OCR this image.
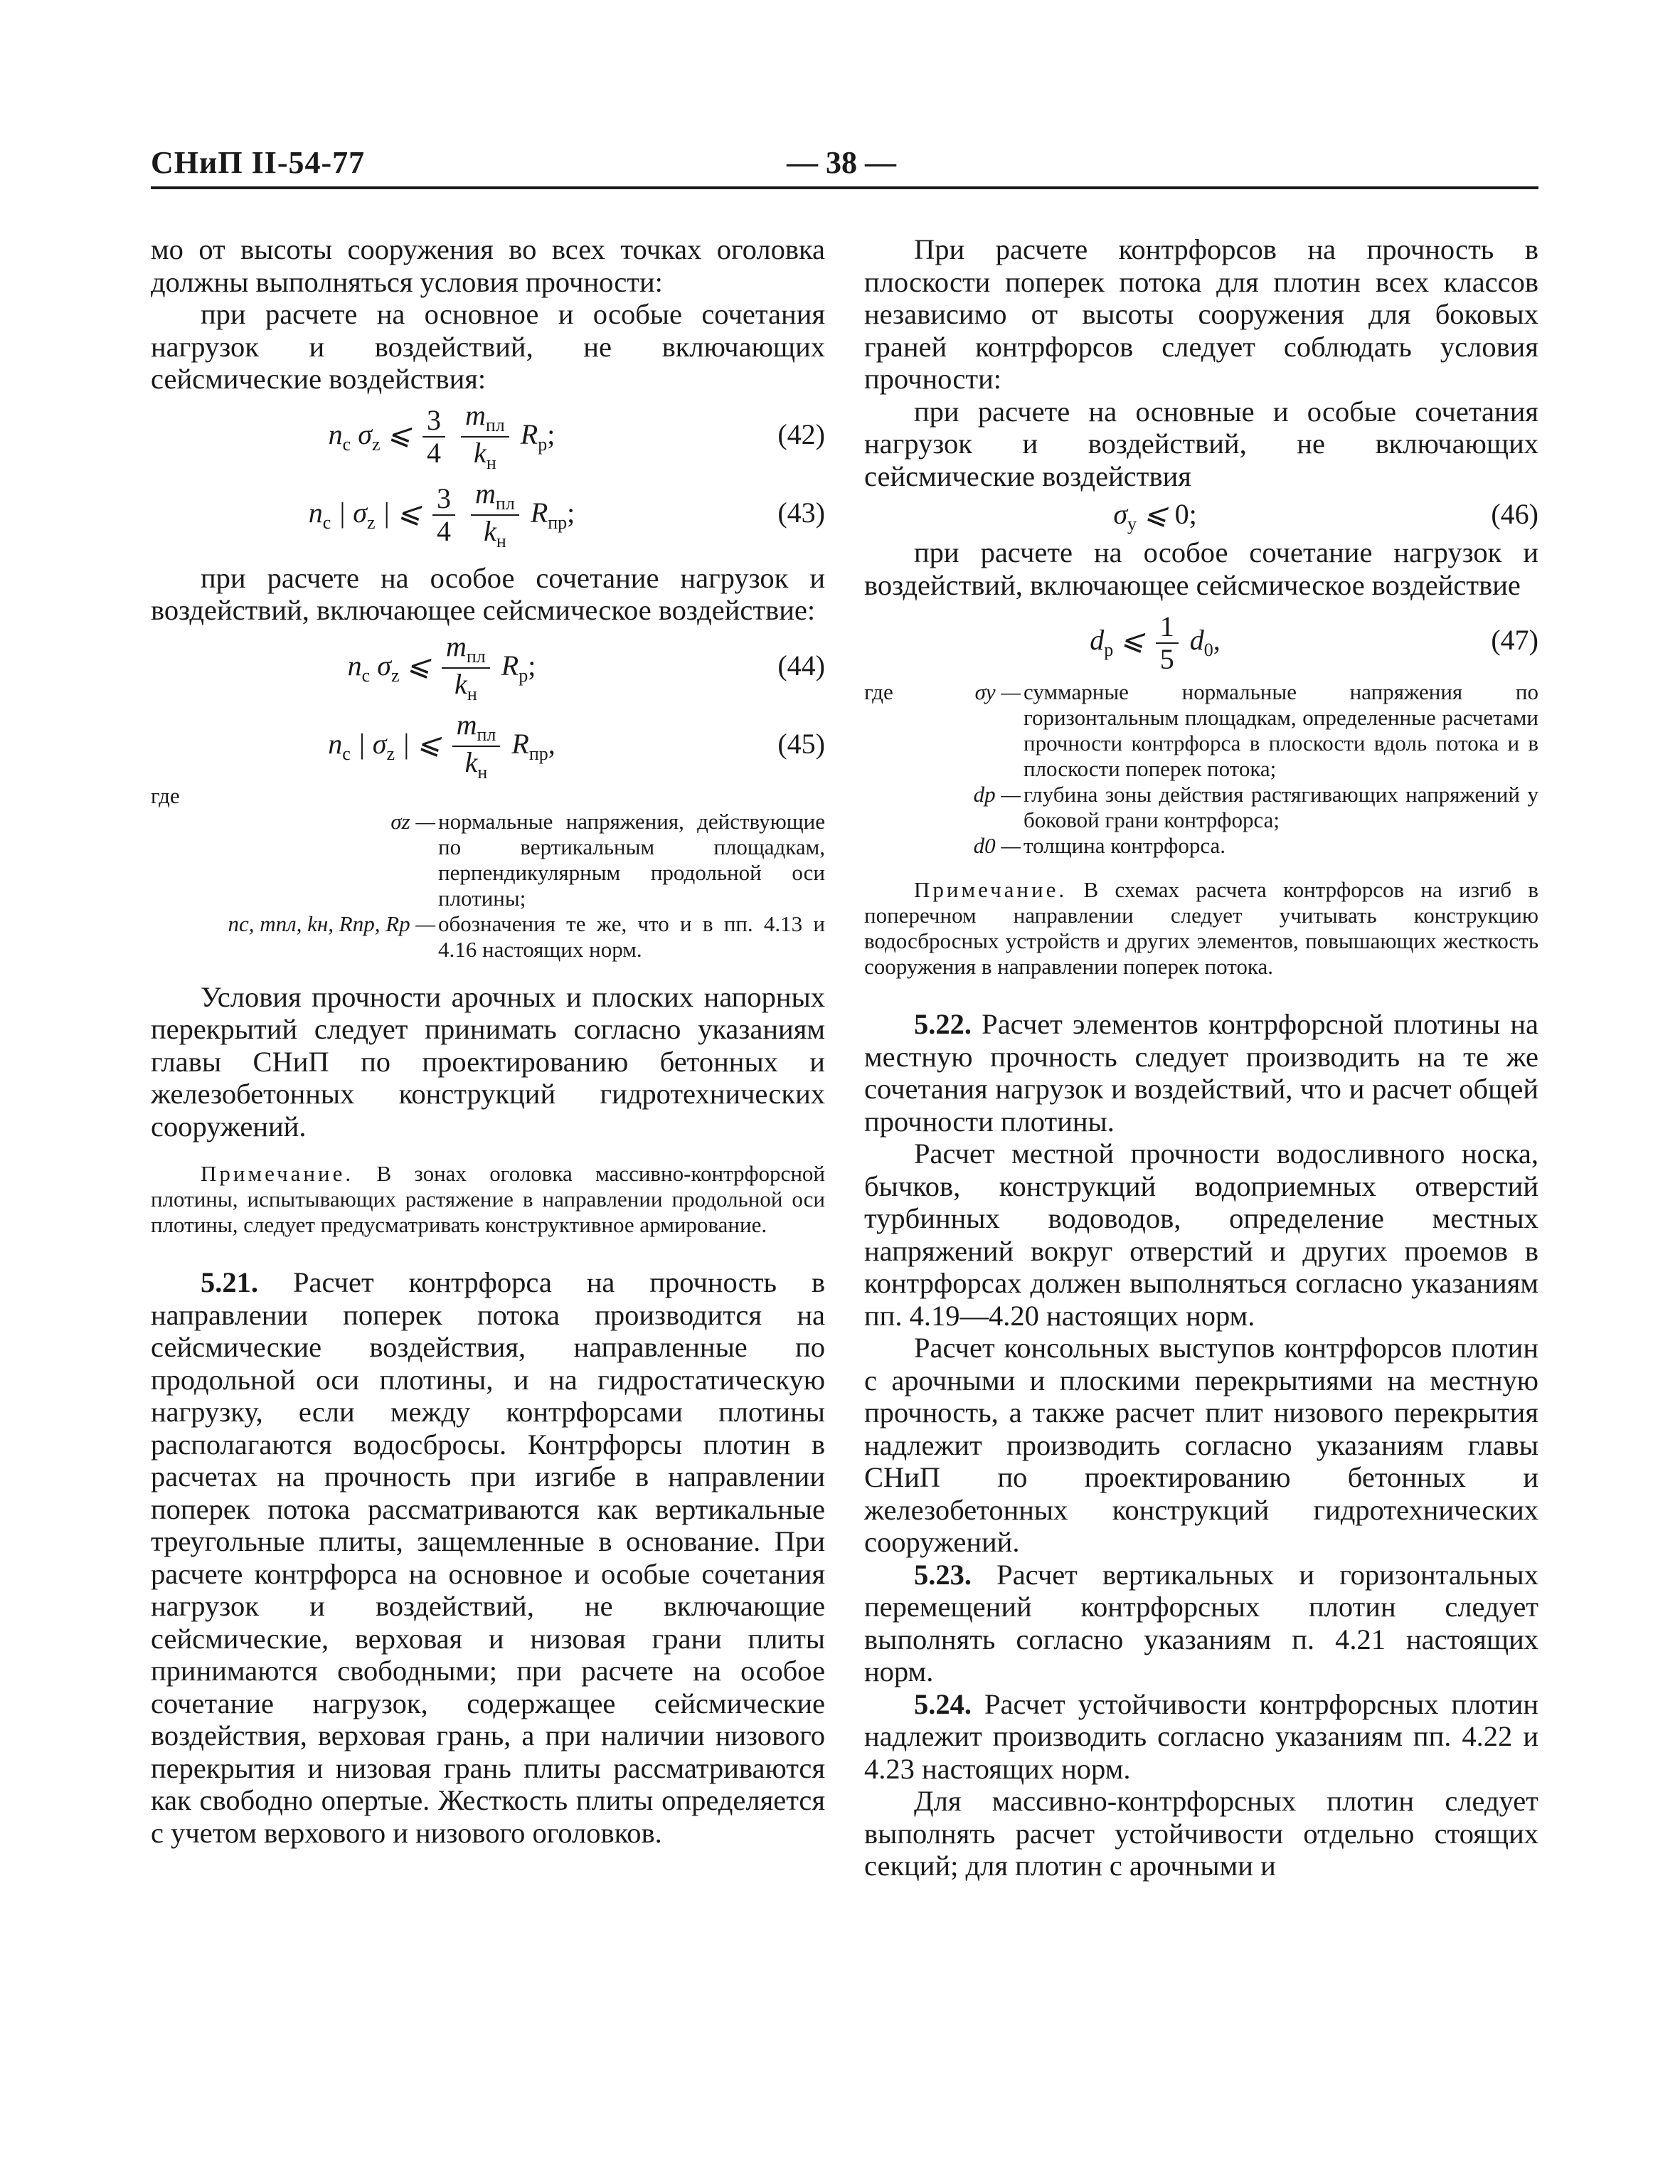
СНиП II-54-77	— 38 —

мо от высоты сооружения во всех точках оголовка должны выполняться условия прочности:

при расчете на основное и особые сочетания нагрузок и воздействий, не включающих сейсмические воздействия:

$n_с$ $\sigma_z$ ⩽ $\frac{3}{4}$
$\frac{m_{пл}}{k_н} R_р$;	(42)
$n_с$ | $\sigma_z$ | ⩽ $\frac{3}{4}$
$\frac{m_{пл}}{k_н} R_{пр}$;	(43)

при расчете на особое сочетание нагрузок и воздействий, включающее сейсмическое воздействие:

$n_с$ $\sigma_z$ ⩽ $\frac{m_{пл}}{k_н} R_р$;	(44)
$n_с$ | $\sigma_z$ | ⩽ $\frac{m_{пл}}{k_н} R_{пр}$,	(45)
где
σz — нормальные напряжения, действующие по вертикальным площадкам, перпендикулярным продольной оси плотины;
nс, mпл, kн, Rпр, Rр — обозначения те же, что и в пп. 4.13 и 4.16 настоящих норм.

Условия прочности арочных и плоских напорных перекрытий следует принимать согласно указаниям главы СНиП по проектированию бетонных и железобетонных конструкций гидротехнических сооружений.

Примечание. В зонах оголовка массивно-контрфорсной плотины, испытывающих растяжение в направлении продольной оси плотины, следует предусматривать конструктивное армирование.

5.21. Расчет контрфорса на прочность в направлении поперек потока производится на сейсмические воздействия, направленные по продольной оси плотины, и на гидростатическую нагрузку, если между контрфорсами плотины располагаются водосбросы. Контрфорсы плотин в расчетах на прочность при изгибе в направлении поперек потока рассматриваются как вертикальные треугольные плиты, защемленные в основание. При расчете контрфорса на основное и особые сочетания нагрузок и воздействий, не включающие сейсмические, верховая и низовая грани плиты принимаются свободными; при расчете на особое сочетание нагрузок, содержащее сейсмические воздействия, верховая грань, а при наличии низового перекрытия и низовая грань плиты рассматриваются как свободно опертые. Жесткость плиты определяется с учетом верхового и низового оголовков.

При расчете контрфорсов на прочность в плоскости поперек потока для плотин всех классов независимо от высоты сооружения для боковых граней контрфорсов следует соблюдать условия прочности:

при расчете на основные и особые сочетания нагрузок и воздействий, не включающих сейсмические воздействия

$\sigma_y$ ⩽ 0;	(46)

при расчете на особое сочетание нагрузок и воздействий, включающее сейсмическое воздействие

$d_р$ ⩽ $\frac{1}{5} d_0$,	(47)
где	σy — суммарные нормальные напряжения по горизонтальным площадкам, определенные расчетами прочности контрфорса в плоскости вдоль потока и в плоскости поперек потока;
dр — глубина зоны действия растягивающих напряжений у боковой грани контрфорса;
d0 — толщина контрфорса.

Примечание. В схемах расчета контрфорсов на изгиб в поперечном направлении следует учитывать конструкцию водосбросных устройств и других элементов, повышающих жесткость сооружения в направлении поперек потока.

5.22. Расчет элементов контрфорсной плотины на местную прочность следует производить на те же сочетания нагрузок и воздействий, что и расчет общей прочности плотины.

Расчет местной прочности водосливного носка, бычков, конструкций водоприемных отверстий турбинных водоводов, определение местных напряжений вокруг отверстий и других проемов в контрфорсах должен выполняться согласно указаниям пп. 4.19—4.20 настоящих норм.

Расчет консольных выступов контрфорсов плотин с арочными и плоскими перекрытиями на местную прочность, а также расчет плит низового перекрытия надлежит производить согласно указаниям главы СНиП по проектированию бетонных и железобетонных конструкций гидротехнических сооружений.

5.23. Расчет вертикальных и горизонтальных перемещений контрфорсных плотин следует выполнять согласно указаниям п. 4.21 настоящих норм.

5.24. Расчет устойчивости контрфорсных плотин надлежит производить согласно указаниям пп. 4.22 и 4.23 настоящих норм.

Для массивно-контрфорсных плотин следует выполнять расчет устойчивости отдельно стоящих секций; для плотин с арочными и
